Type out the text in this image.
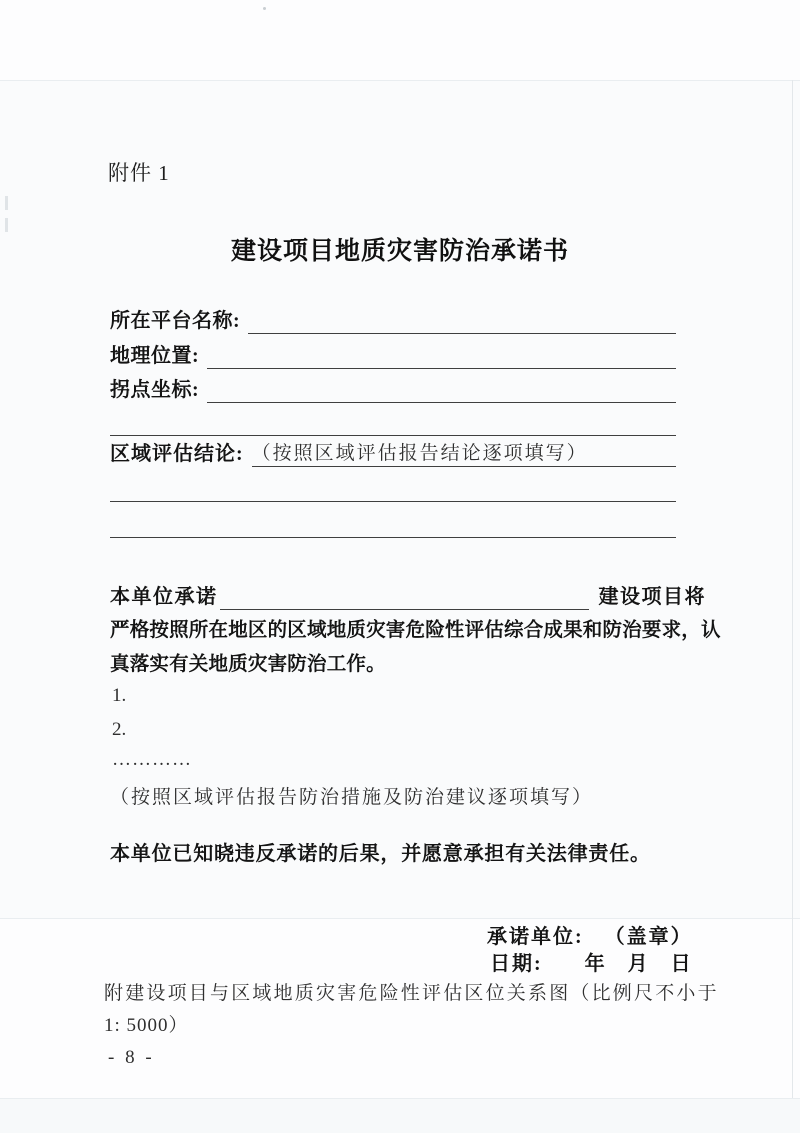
附件 1
建设项目地质灾害防治承诺书
所在平台名称:
地理位置:
拐点坐标:
区域评估结论: （按照区域评估报告结论逐项填写）
本单位承诺	建设项目将
严格按照所在地区的区域地质灾害危险性评估综合成果和防治要求，认
真落实有关地质灾害防治工作。
1.
2.
…………
（按照区域评估报告防治措施及防治建议逐项填写）
本单位已知晓违反承诺的后果，并愿意承担有关法律责任。
承诺单位:   （盖章）
日期:      年   月   日
附建设项目与区域地质灾害危险性评估区位关系图（比例尺不小于
1: 5000）
- 8 -
